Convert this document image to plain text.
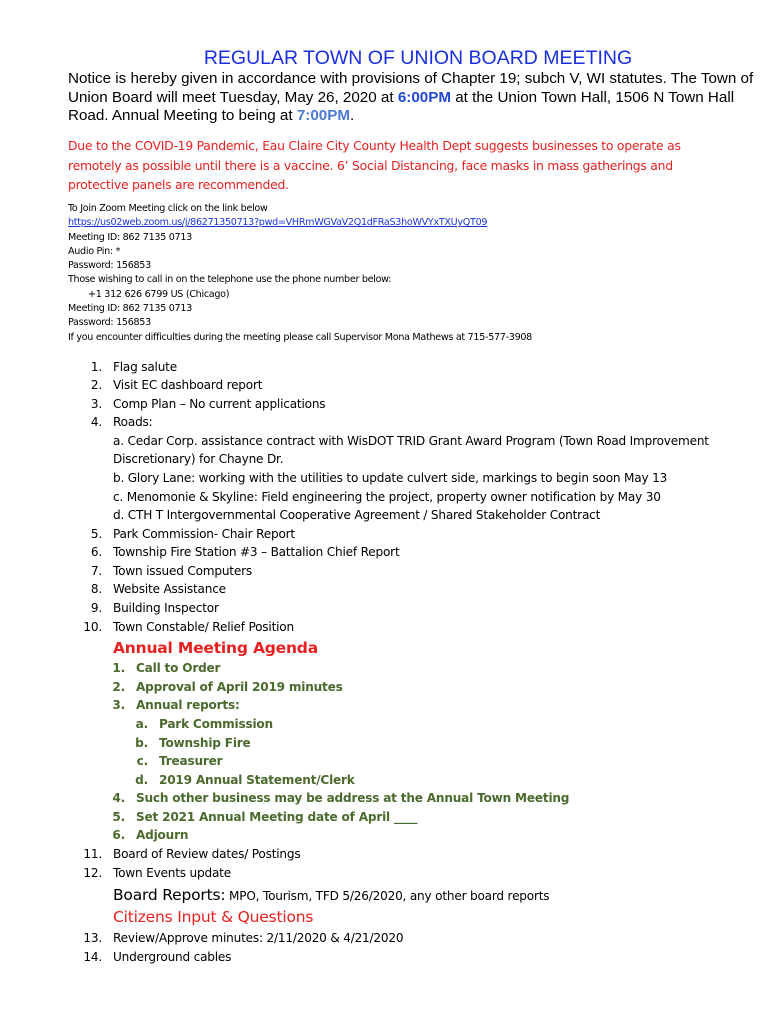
REGULAR TOWN OF UNION BOARD MEETING
Notice is hereby given in accordance with provisions of Chapter 19; subch V, WI statutes. The Town of Union Board will meet Tuesday, May 26, 2020 at 6:00PM at the Union Town Hall, 1506 N Town Hall Road. Annual Meeting to being at 7:00PM.
Due to the COVID-19 Pandemic, Eau Claire City County Health Dept suggests businesses to operate as remotely as possible until there is a vaccine. 6’ Social Distancing, face masks in mass gatherings and protective panels are recommended.
To Join Zoom Meeting click on the link below
https://us02web.zoom.us/j/86271350713?pwd=VHRmWGVaV2Q1dFRaS3hoWVYxTXUyQT09
Meeting ID: 862 7135 0713
Audio Pin: *
Password: 156853
Those wishing to call in on the telephone use the phone number below:
+1 312 626 6799 US (Chicago)
Meeting ID: 862 7135 0713
Password: 156853
If you encounter difficulties during the meeting please call Supervisor Mona Mathews at 715-577-3908
1. Flag salute
2. Visit EC dashboard report
3. Comp Plan – No current applications
4. Roads:
a. Cedar Corp. assistance contract with WisDOT TRID Grant Award Program (Town Road Improvement
Discretionary) for Chayne Dr.
b. Glory Lane: working with the utilities to update culvert side, markings to begin soon May 13
c. Menomonie & Skyline: Field engineering the project, property owner notification by May 30
d. CTH T Intergovernmental Cooperative Agreement / Shared Stakeholder Contract
5. Park Commission- Chair Report
6. Township Fire Station #3 – Battalion Chief Report
7. Town issued Computers
8. Website Assistance
9. Building Inspector
10. Town Constable/ Relief Position
Annual Meeting Agenda
1. Call to Order
2. Approval of April 2019 minutes
3. Annual reports:
a. Park Commission
b. Township Fire
c. Treasurer
d. 2019 Annual Statement/Clerk
4. Such other business may be address at the Annual Town Meeting
5. Set 2021 Annual Meeting date of April ____
6. Adjourn
11. Board of Review dates/ Postings
12. Town Events update
Board Reports: MPO, Tourism, TFD 5/26/2020, any other board reports
Citizens Input & Questions
13. Review/Approve minutes: 2/11/2020 & 4/21/2020
14. Underground cables
